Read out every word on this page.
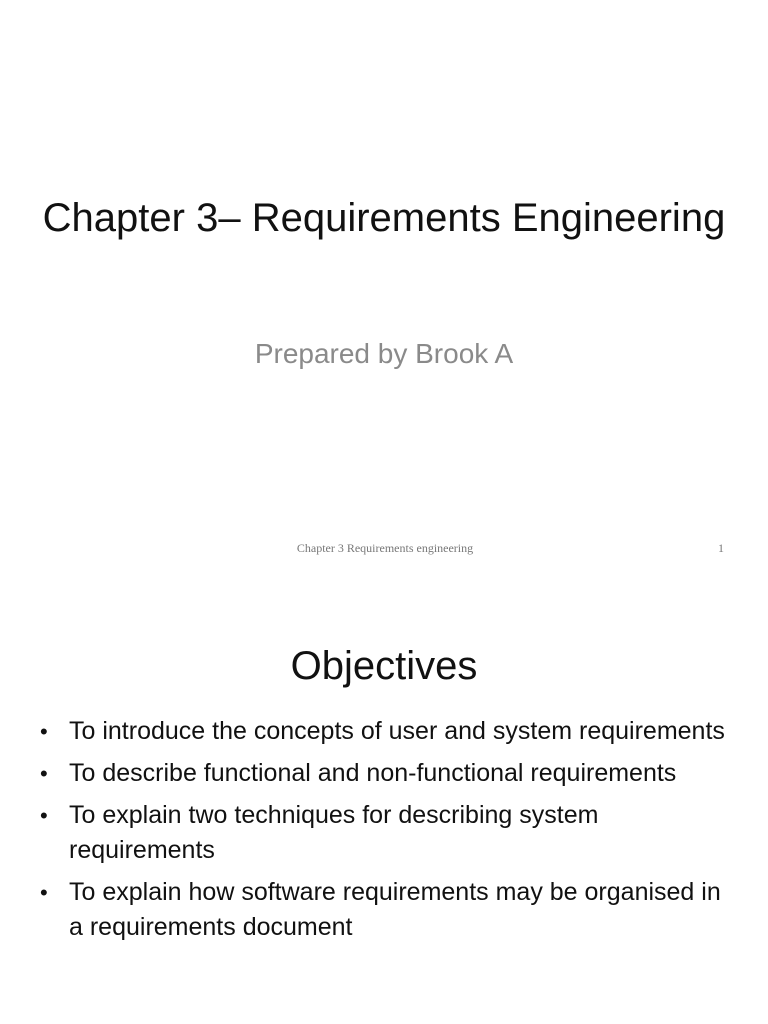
Chapter 3– Requirements Engineering
Prepared by Brook A
Chapter 3 Requirements engineering	1
Objectives
• To introduce the concepts of user and system requirements
• To describe functional and non-functional requirements
• To explain two techniques for describing system requirements
• To explain how software requirements may be organised in a requirements document
